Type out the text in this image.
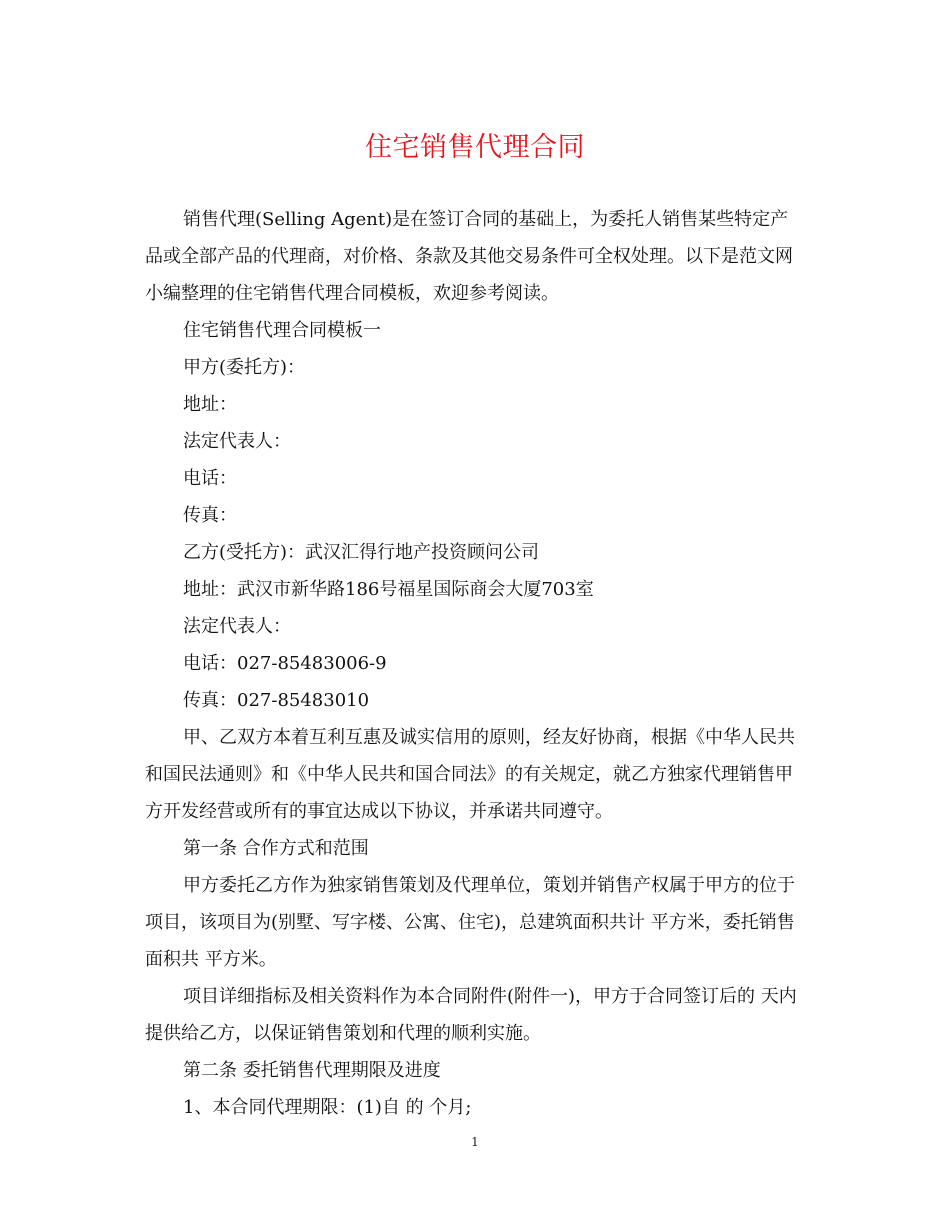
住宅销售代理合同

销售代理(Selling Agent)是在签订合同的基础上，为委托人销售某些特定产品或全部产品的代理商，对价格、条款及其他交易条件可全权处理。以下是范文网小编整理的住宅销售代理合同模板，欢迎参考阅读。

住宅销售代理合同模板一

甲方(委托方)：

地址：

法定代表人：

电话：

传真：

乙方(受托方)：武汉汇得行地产投资顾问公司

地址：武汉市新华路186号福星国际商会大厦703室

法定代表人：

电话：027-85483006-9

传真：027-85483010

甲、乙双方本着互利互惠及诚实信用的原则，经友好协商，根据《中华人民共和国民法通则》和《中华人民共和国合同法》的有关规定，就乙方独家代理销售甲方开发经营或所有的事宜达成以下协议，并承诺共同遵守。

第一条 合作方式和范围

甲方委托乙方作为独家销售策划及代理单位，策划并销售产权属于甲方的位于 项目，该项目为(别墅、写字楼、公寓、住宅)，总建筑面积共计 平方米，委托销售面积共 平方米。

项目详细指标及相关资料作为本合同附件(附件一)，甲方于合同签订后的 天内提供给乙方，以保证销售策划和代理的顺利实施。

第二条 委托销售代理期限及进度

1、本合同代理期限：(1)自 的 个月;

1
